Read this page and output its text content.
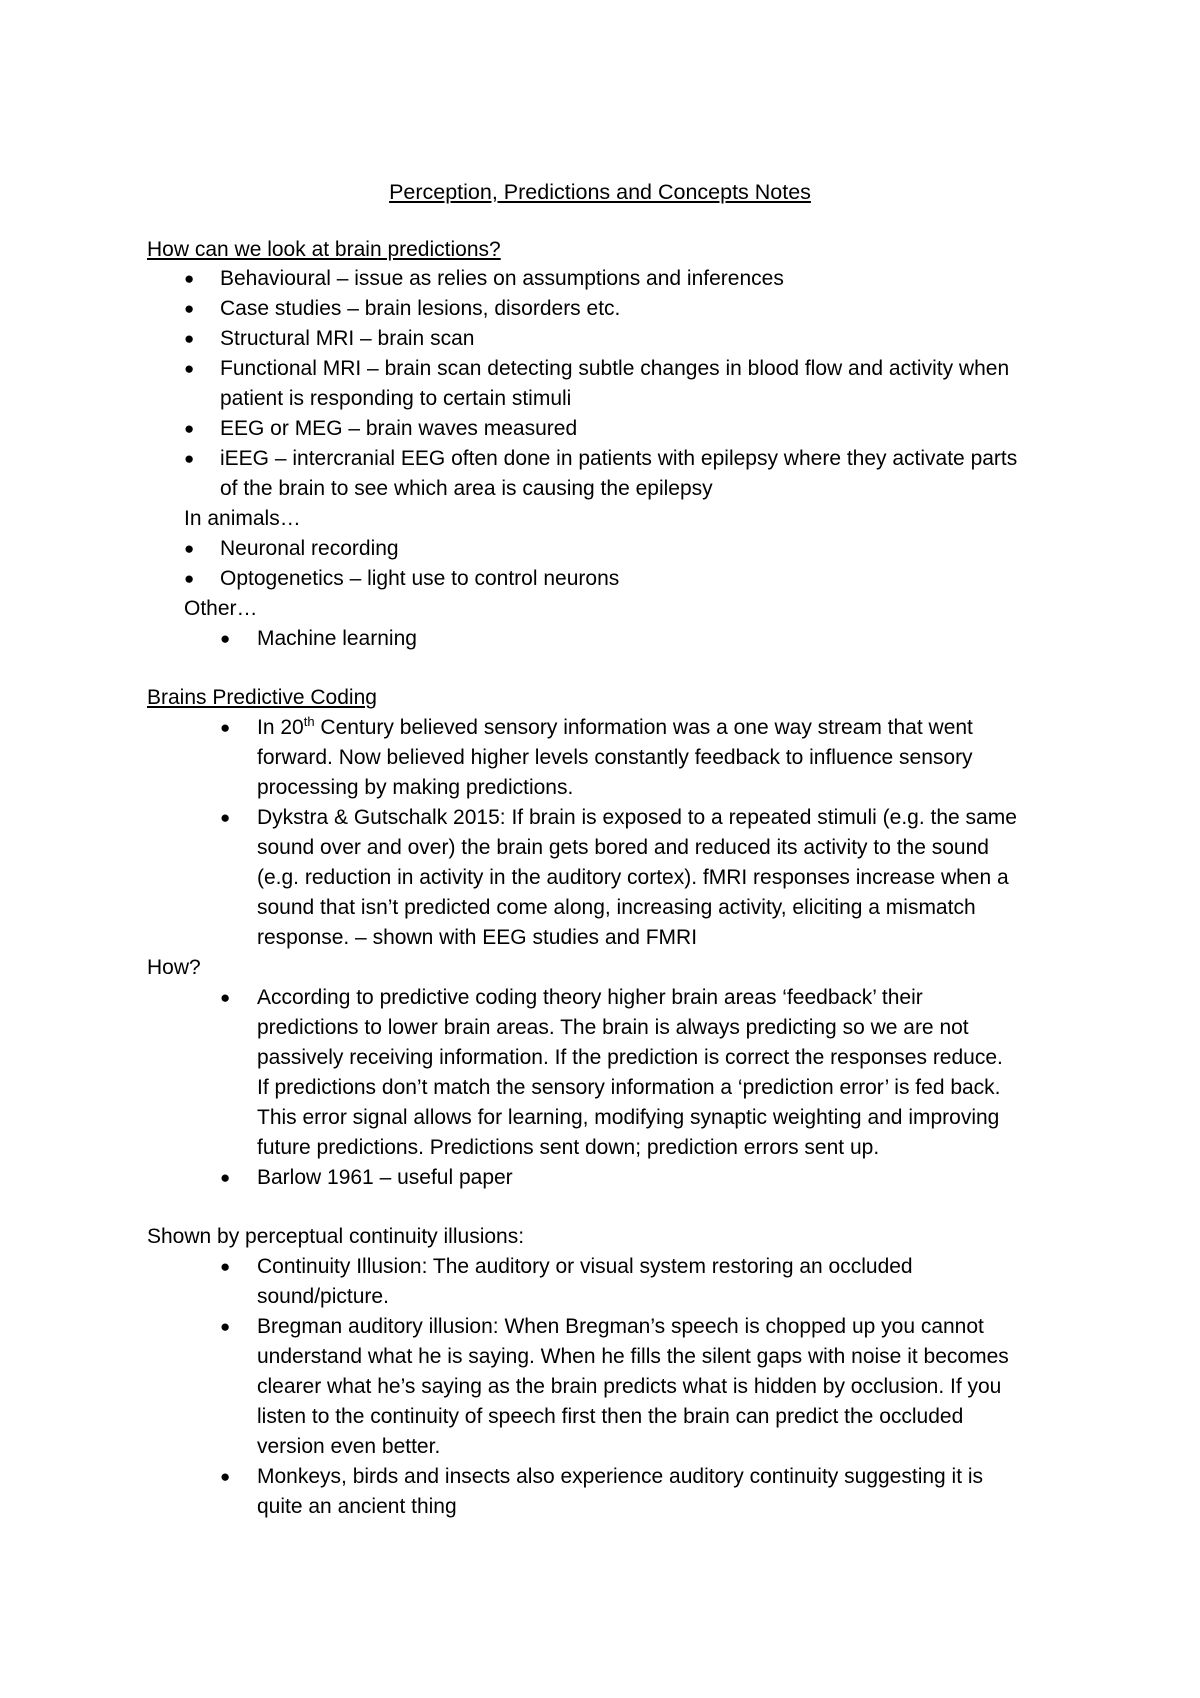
Perception, Predictions and Concepts Notes
How can we look at brain predictions?
● Behavioural – issue as relies on assumptions and inferences
● Case studies – brain lesions, disorders etc.
● Structural MRI – brain scan
● Functional MRI – brain scan detecting subtle changes in blood flow and activity when
patient is responding to certain stimuli
● EEG or MEG – brain waves measured
● iEEG – intercranial EEG often done in patients with epilepsy where they activate parts
of the brain to see which area is causing the epilepsy
In animals…
● Neuronal recording
● Optogenetics – light use to control neurons
Other…
● Machine learning
Brains Predictive Coding
● In 20th Century believed sensory information was a one way stream that went
forward. Now believed higher levels constantly feedback to influence sensory
processing by making predictions.
● Dykstra & Gutschalk 2015: If brain is exposed to a repeated stimuli (e.g. the same
sound over and over) the brain gets bored and reduced its activity to the sound
(e.g. reduction in activity in the auditory cortex). fMRI responses increase when a
sound that isn’t predicted come along, increasing activity, eliciting a mismatch
response. – shown with EEG studies and FMRI
How?
● According to predictive coding theory higher brain areas ‘feedback’ their
predictions to lower brain areas. The brain is always predicting so we are not
passively receiving information. If the prediction is correct the responses reduce.
If predictions don’t match the sensory information a ‘prediction error’ is fed back.
This error signal allows for learning, modifying synaptic weighting and improving
future predictions. Predictions sent down; prediction errors sent up.
● Barlow 1961 – useful paper
Shown by perceptual continuity illusions:
● Continuity Illusion: The auditory or visual system restoring an occluded
sound/picture.
● Bregman auditory illusion: When Bregman’s speech is chopped up you cannot
understand what he is saying. When he fills the silent gaps with noise it becomes
clearer what he’s saying as the brain predicts what is hidden by occlusion. If you
listen to the continuity of speech first then the brain can predict the occluded
version even better.
● Monkeys, birds and insects also experience auditory continuity suggesting it is
quite an ancient thing
